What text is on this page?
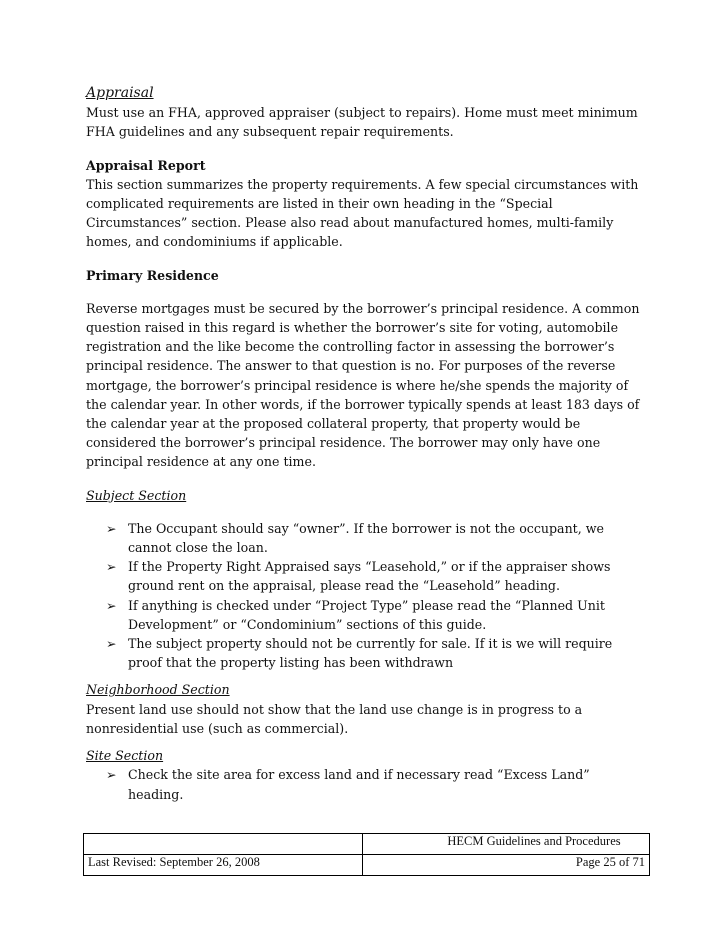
Appraisal

Must use an FHA, approved appraiser (subject to repairs). Home must meet minimum FHA guidelines and any subsequent repair requirements.

Appraisal Report

This section summarizes the property requirements. A few special circumstances with complicated requirements are listed in their own heading in the “Special Circumstances” section. Please also read about manufactured homes, multi-family homes, and condominiums if applicable.

Primary Residence

Reverse mortgages must be secured by the borrower’s principal residence. A common question raised in this regard is whether the borrower’s site for voting, automobile registration and the like become the controlling factor in assessing the borrower’s principal residence. The answer to that question is no. For purposes of the reverse mortgage, the borrower’s principal residence is where he/she spends the majority of the calendar year. In other words, if the borrower typically spends at least 183 days of the calendar year at the proposed collateral property, that property would be considered the borrower’s principal residence. The borrower may only have one principal residence at any one time.

Subject Section

➢ The Occupant should say “owner”. If the borrower is not the occupant, we cannot close the loan.
➢ If the Property Right Appraised says “Leasehold,” or if the appraiser shows ground rent on the appraisal, please read the “Leasehold” heading.
➢ If anything is checked under “Project Type” please read the “Planned Unit Development” or “Condominium” sections of this guide.
➢ The subject property should not be currently for sale. If it is we will require proof that the property listing has been withdrawn

Neighborhood Section

Present land use should not show that the land use change is in progress to a nonresidential use (such as commercial).

Site Section

➢ Check the site area for excess land and if necessary read “Excess Land” heading.
	HECM Guidelines and Procedures
Last Revised: September 26, 2008	Page 25 of 71
